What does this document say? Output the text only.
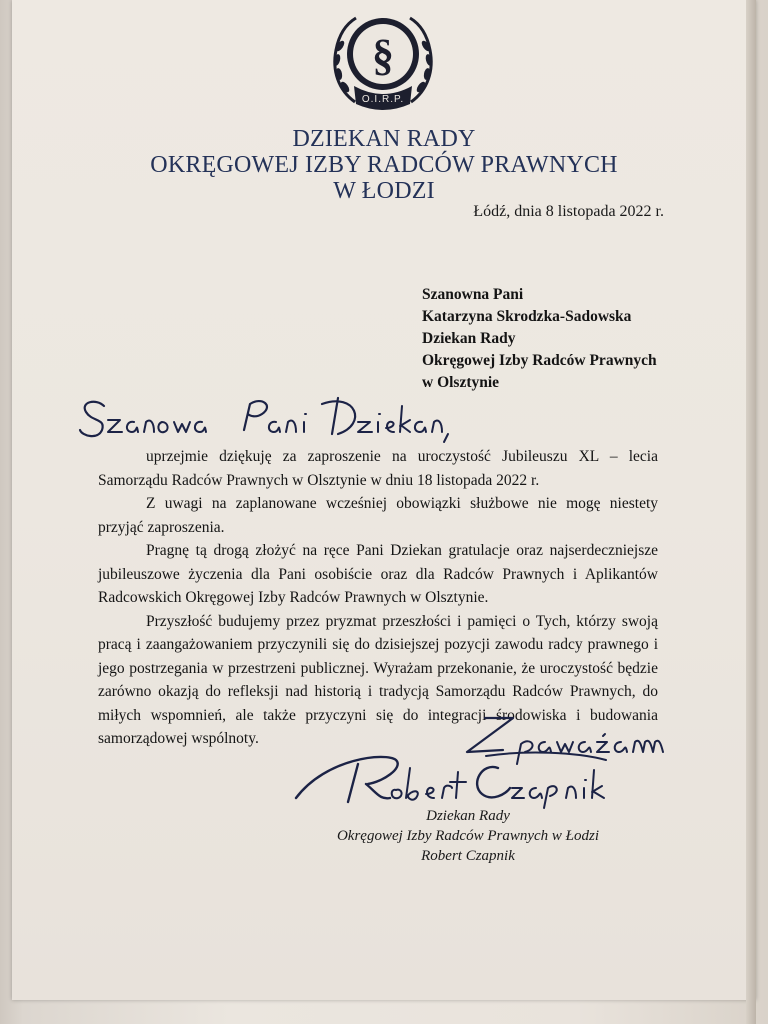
§
O.I.R.P.
DZIEKAN RADY
OKRĘGOWEJ IZBY RADCÓW PRAWNYCH
W ŁODZI
Łódź, dnia 8 listopada 2022 r.
Szanowna Pani
Katarzyna Skrodzka-Sadowska
Dziekan Rady
Okręgowej Izby Radców Prawnych
w Olsztynie

uprzejmie dziękuję za zaproszenie na uroczystość Jubileuszu XL – lecia Samorządu Radców Prawnych w Olsztynie w dniu 18 listopada 2022 r.

Z uwagi na zaplanowane wcześniej obowiązki służbowe nie mogę niestety przyjąć zaproszenia.

Pragnę tą drogą złożyć na ręce Pani Dziekan gratulacje oraz najserdeczniejsze jubileuszowe życzenia dla Pani osobiście oraz dla Radców Prawnych i Aplikantów Radcowskich Okręgowej Izby Radców Prawnych w Olsztynie.

Przyszłość budujemy przez pryzmat przeszłości i pamięci o Tych, którzy swoją pracą i zaangażowaniem przyczynili się do dzisiejszej pozycji zawodu radcy prawnego i jego postrzegania w przestrzeni publicznej. Wyrażam przekonanie, że uroczystość będzie zarówno okazją do refleksji nad historią i tradycją Samorządu Radców Prawnych, do miłych wspomnień, ale także przyczyni się do integracji środowiska i budowania samorządowej wspólnoty.

Dziekan Rady
Okręgowej Izby Radców Prawnych w Łodzi
Robert Czapnik
